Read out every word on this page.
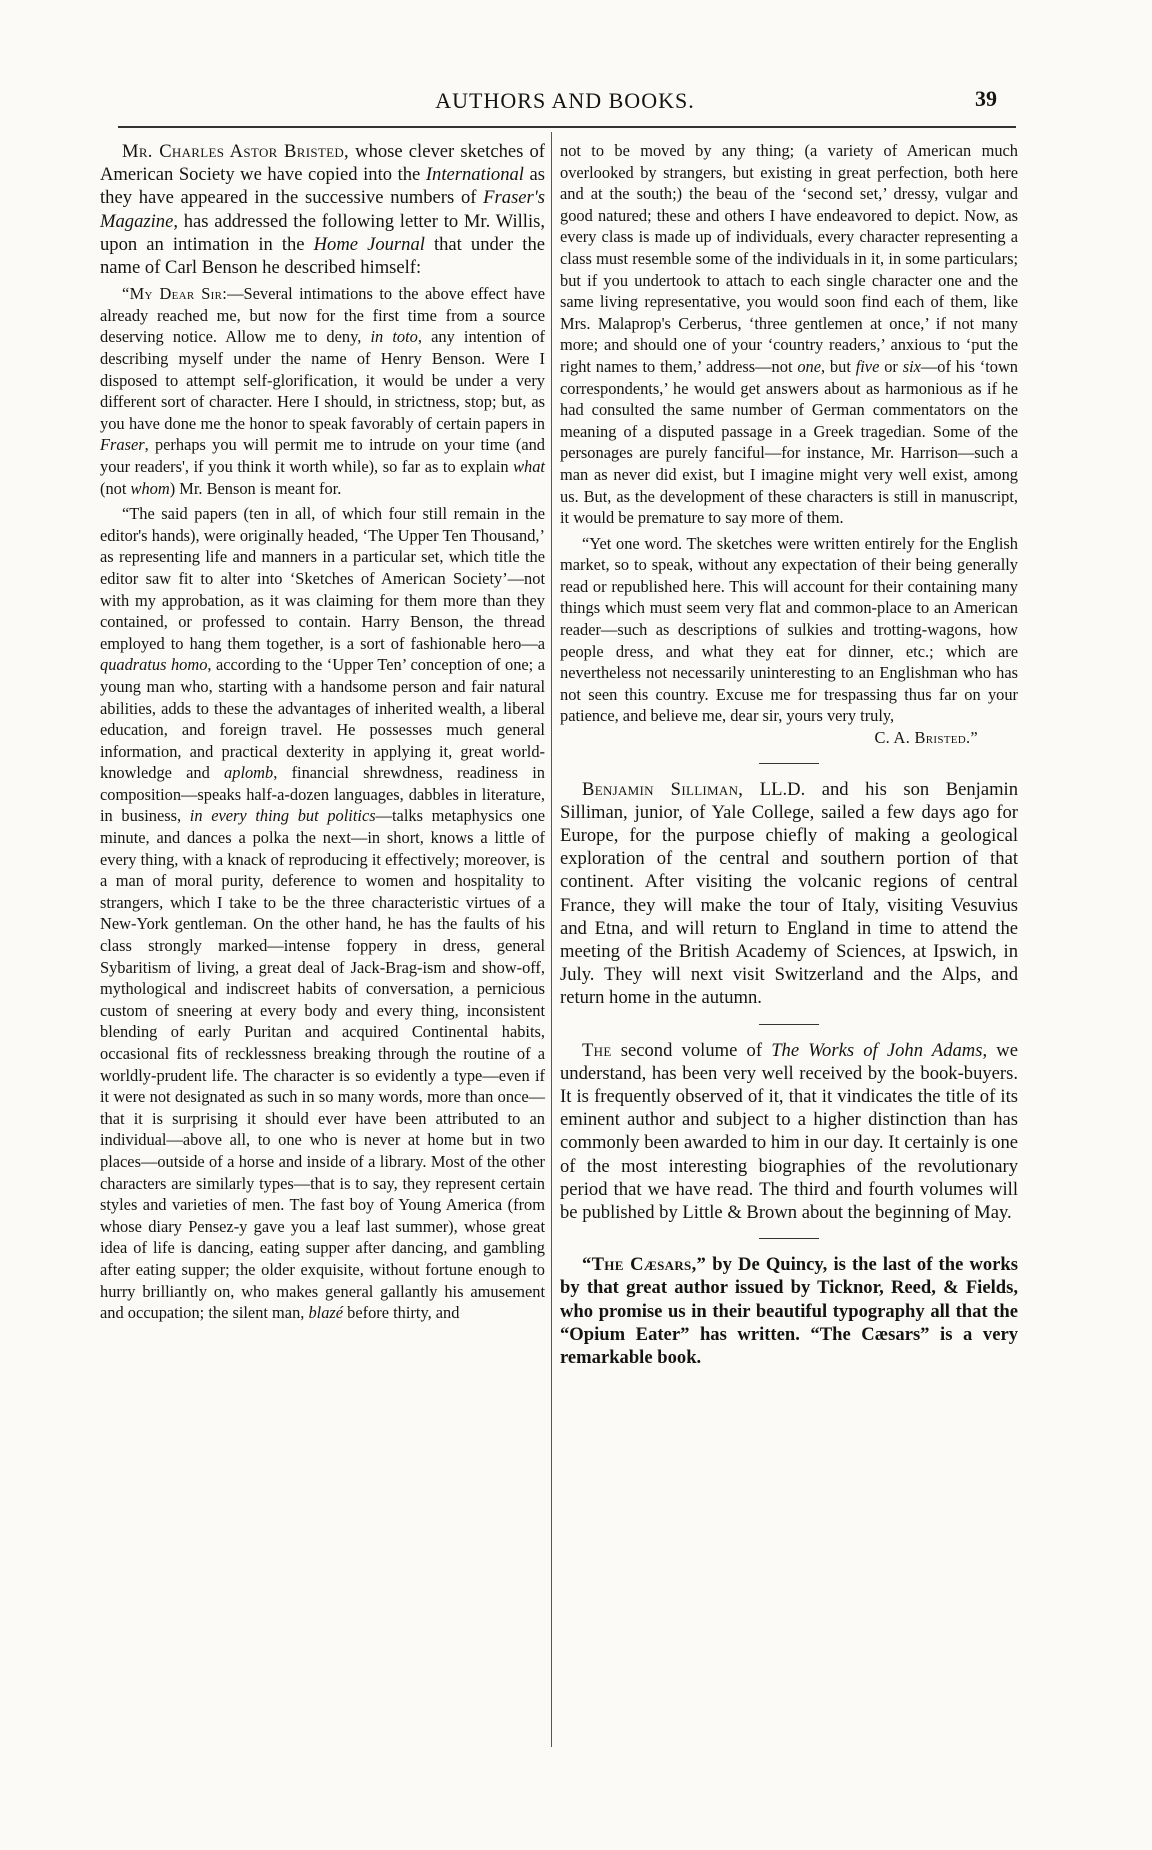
AUTHORS AND BOOKS.	39

Mr. Charles Astor Bristed, whose clever sketches of American Society we have copied into the International as they have appeared in the successive numbers of Fraser's Magazine, has addressed the following letter to Mr. Willis, upon an intimation in the Home Journal that under the name of Carl Benson he described himself:

“My Dear Sir:—Several intimations to the above effect have already reached me, but now for the first time from a source deserving notice. Allow me to deny, in toto, any intention of describing myself under the name of Henry Benson. Were I disposed to attempt self-glorification, it would be under a very different sort of character. Here I should, in strictness, stop; but, as you have done me the honor to speak favorably of certain papers in Fraser, perhaps you will permit me to intrude on your time (and your readers', if you think it worth while), so far as to explain what (not whom) Mr. Benson is meant for.

“The said papers (ten in all, of which four still remain in the editor's hands), were originally headed, ‘The Upper Ten Thousand,’ as representing life and manners in a particular set, which title the editor saw fit to alter into ‘Sketches of American Society’—not with my approbation, as it was claiming for them more than they contained, or professed to contain. Harry Benson, the thread employed to hang them together, is a sort of fashionable hero—a quadratus homo, according to the ‘Upper Ten’ conception of one; a young man who, starting with a handsome person and fair natural abilities, adds to these the advantages of inherited wealth, a liberal education, and foreign travel. He possesses much general information, and practical dexterity in applying it, great world-knowledge and aplomb, financial shrewdness, readiness in composition—speaks half-a-dozen languages, dabbles in literature, in business, in every thing but politics—talks metaphysics one minute, and dances a polka the next—in short, knows a little of every thing, with a knack of reproducing it effectively; moreover, is a man of moral purity, deference to women and hospitality to strangers, which I take to be the three characteristic virtues of a New-York gentleman. On the other hand, he has the faults of his class strongly marked—intense foppery in dress, general Sybaritism of living, a great deal of Jack-Brag-ism and show-off, mythological and indiscreet habits of conversation, a pernicious custom of sneering at every body and every thing, inconsistent blending of early Puritan and acquired Continental habits, occasional fits of recklessness breaking through the routine of a worldly-prudent life. The character is so evidently a type—even if it were not designated as such in so many words, more than once—that it is surprising it should ever have been attributed to an individual—above all, to one who is never at home but in two places—outside of a horse and inside of a library. Most of the other characters are similarly types—that is to say, they represent certain styles and varieties of men. The fast boy of Young America (from whose diary Pensez-y gave you a leaf last summer), whose great idea of life is dancing, eating supper after dancing, and gambling after eating supper; the older exquisite, without fortune enough to hurry brilliantly on, who makes general gallantly his amusement and occupation; the silent man, blazé before thirty, and

not to be moved by any thing; (a variety of American much overlooked by strangers, but existing in great perfection, both here and at the south;) the beau of the ‘second set,’ dressy, vulgar and good natured; these and others I have endeavored to depict. Now, as every class is made up of individuals, every character representing a class must resemble some of the individuals in it, in some particulars; but if you undertook to attach to each single character one and the same living representative, you would soon find each of them, like Mrs. Malaprop's Cerberus, ‘three gentlemen at once,’ if not many more; and should one of your ‘country readers,’ anxious to ‘put the right names to them,’ address—not one, but five or six—of his ‘town correspondents,’ he would get answers about as harmonious as if he had consulted the same number of German commentators on the meaning of a disputed passage in a Greek tragedian. Some of the personages are purely fanciful—for instance, Mr. Harrison—such a man as never did exist, but I imagine might very well exist, among us. But, as the development of these characters is still in manuscript, it would be premature to say more of them.

“Yet one word. The sketches were written entirely for the English market, so to speak, without any expectation of their being generally read or republished here. This will account for their containing many things which must seem very flat and common-place to an American reader—such as descriptions of sulkies and trotting-wagons, how people dress, and what they eat for dinner, etc.; which are nevertheless not necessarily uninteresting to an Englishman who has not seen this country. Excuse me for trespassing thus far on your patience, and believe me, dear sir, yours very truly,
C. A. Bristed.”

Benjamin Silliman, LL.D. and his son Benjamin Silliman, junior, of Yale College, sailed a few days ago for Europe, for the purpose chiefly of making a geological exploration of the central and southern portion of that continent. After visiting the volcanic regions of central France, they will make the tour of Italy, visiting Vesuvius and Etna, and will return to England in time to attend the meeting of the British Academy of Sciences, at Ipswich, in July. They will next visit Switzerland and the Alps, and return home in the autumn.

The second volume of The Works of John Adams, we understand, has been very well received by the book-buyers. It is frequently observed of it, that it vindicates the title of its eminent author and subject to a higher distinction than has commonly been awarded to him in our day. It certainly is one of the most interesting biographies of the revolutionary period that we have read. The third and fourth volumes will be published by Little & Brown about the beginning of May.

“The Cæsars,” by De Quincy, is the last of the works by that great author issued by Ticknor, Reed, & Fields, who promise us in their beautiful typography all that the “Opium Eater” has written. “The Cæsars” is a very remarkable book.
